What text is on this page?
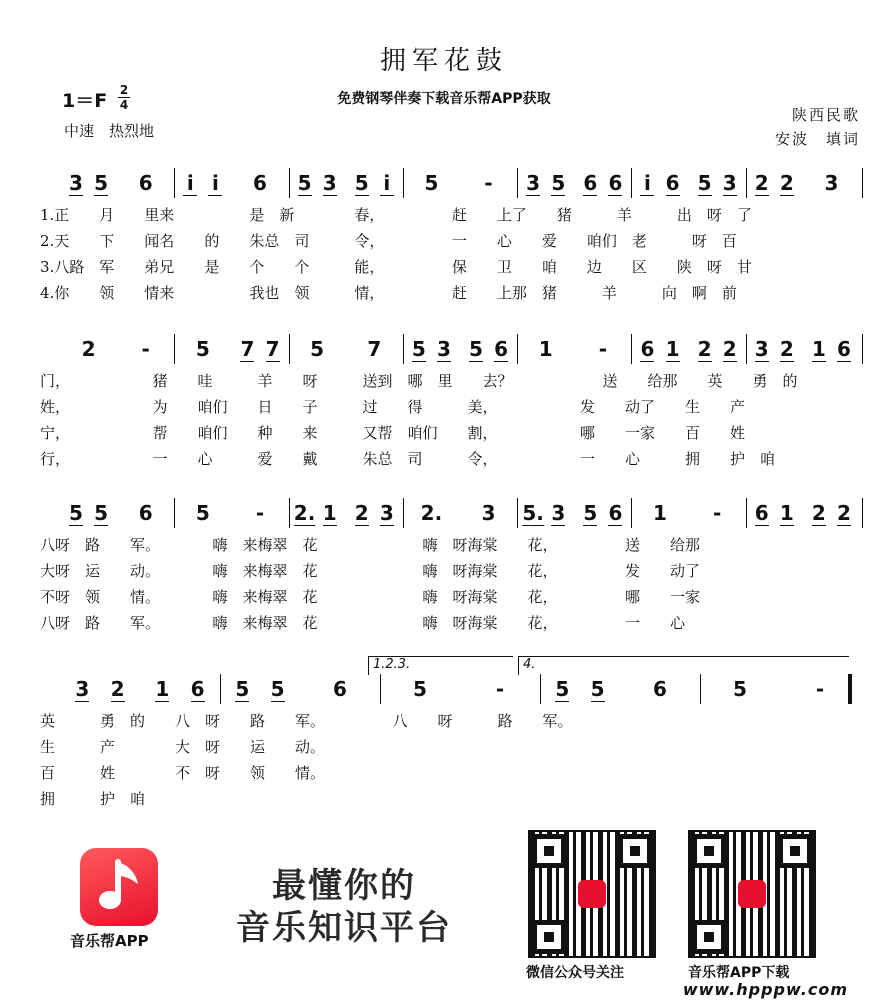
拥军花鼓
免费钢琴伴奏下载音乐帮APP获取
1＝F 2
4
中速　热烈地
陕西民歌
安波　填词
3 5 6 i i 6 5 3 5 i 5 - 3 5 6 6 i 6 5 3 2 2 3
1.正　　月　　里来　　　　　是　新　　　　春，　　　　　赶　　上了　　猪　　　羊　　　出　呀　了
2.天　　下　　闻名　　的　　朱总　司　　　令，　　　　　一　　心　　爱　　咱们　老　　　呀　百
3.八路　军　　弟兄　　是　　个　　个　　　能，　　　　　保　　卫　　咱　　边　　区　　陕　呀　甘
4.你　　领　　情来　　　　　我也　领　　　情，　　　　　赶　　上那　猪　　　羊　　　向　啊　前
2 - 5 7 7 5 7 5 3 5 6 1 - 6 1 2 2 3 2 1 6
门，　　　　　　猪　　哇　　　羊　　呀　　　送到　哪　里　　去？　　　　　　送　　给那　　英　　勇　的
姓，　　　　　　为　　咱们　　日　　子　　　过　　得　　　美，　　　　　　发　　动了　　生　　产
宁，　　　　　　帮　　咱们　　种　　来　　　又帮　咱们　　割，　　　　　　哪　　一家　　百　　姓
行，　　　　　　一　　心　　　爱　　戴　　　朱总　司　　　令，　　　　　　一　　心　　　拥　　护　咱
5 5 6 5 - 2. 1 2 3 2. 3 5. 3 5 6 1 - 6 1 2 2
八呀　路　　军。　　　　嗨　来梅翠　花　　　　　　　嗨　呀海棠　　花，　　　　　送　　给那
大呀　运　　动。　　　　嗨　来梅翠　花　　　　　　　嗨　呀海棠　　花，　　　　　发　　动了
不呀　领　　情。　　　　嗨　来梅翠　花　　　　　　　嗨　呀海棠　　花，　　　　　哪　　一家
八呀　路　　军。　　　　嗨　来梅翠　花　　　　　　　嗨　呀海棠　　花，　　　　　一　　心
3 2 1 6 5 5 6	5	-	5 5 6	5	-
英　　　勇　的　　八　呀　　路　　军。　　　　　八　　呀　　　路　　军。
生　　　产　　　　大　呀　　运　　动。
百　　　姓　　　　不　呀　　领　　情。
拥　　　护　咱
1.2.3.	4.
音乐帮APP
最懂你的
音乐知识平台
微信公众号关注	音乐帮APP下载
www.hpppw.com
